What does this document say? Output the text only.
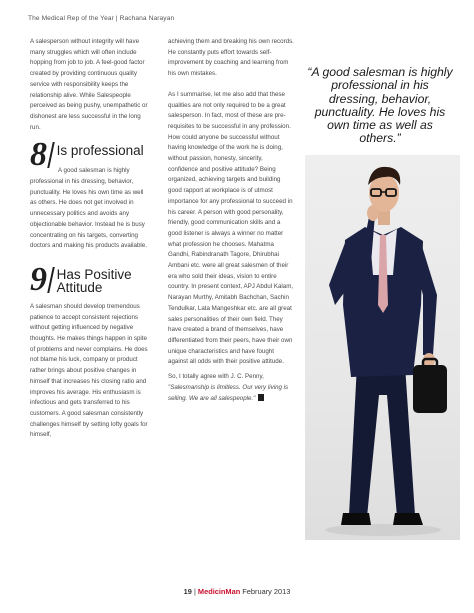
The Medical Rep of the Year | Rachana Narayan

A salesperson without integrity will have many struggles which will often include hopping from job to job. A feel-good factor created by providing continuous quality service with responsibility keeps the relationship alive. While Salespeople perceived as being pushy, unempathetic or dishonest are less successful in the long run.

8 Is professional

A good salesman is highly professional in his dressing, behavior, punctuality. He loves his own time as well as others. He does not get involved in unnecessary politics and avoids any objectionable behavior. Instead he is busy concentrating on his targets, converting doctors and making his products available.

9 Has Positive Attitude

A salesman should develop tremendous patience to accept consistent rejections without getting influenced by negative thoughts. He makes things happen in spite of problems and never complains. He does not blame his luck, company or product rather brings about positive changes in himself that increases his closing ratio and improves his average. His enthusiasm is infectious and gets transferred to his customers. A good salesman consistently challenges himself by setting lofty goals for himself,

achieving them and breaking his own records. He constantly puts effort towards self-improvement by coaching and learning from his own mistakes.

As I summarise, let me also add that these qualities are not only required to be a great salesperson. In fact, most of these are pre-requisites to be successful in any profession. How could anyone be successful without having knowledge of the work he is doing, without passion, honesty, sincerity, confidence and positive attitude? Being organized, achieving targets and building good rapport at workplace is of utmost importance for any professional to succeed in his career. A person with good personality, friendly, good communication skills and a good listener is always a winner no matter what profession he chooses. Mahatma Gandhi, Rabindranath Tagore, Dhirubhai Ambani etc. were all great salesmen of their era who sold their ideas, vision to entire country. In present context, APJ Abdul Kalam, Narayan Murthy, Amitabh Bachchan, Sachin Tendulkar, Lata Mangeshkar etc. are all great sales personalities of their own field. They have created a brand of themselves, have differentiated from their peers, have their own unique characteristics and have fought against all odds with their positive attitude.

So, I totally agree with J. C. Penny, "Salesmanship is limitless. Our very living is selling. We are all salespeople."

“A good salesman is highly professional in his dressing, behavior, punctuality. He loves his own time as well as others.”
19 | MedicinMan February 2013
